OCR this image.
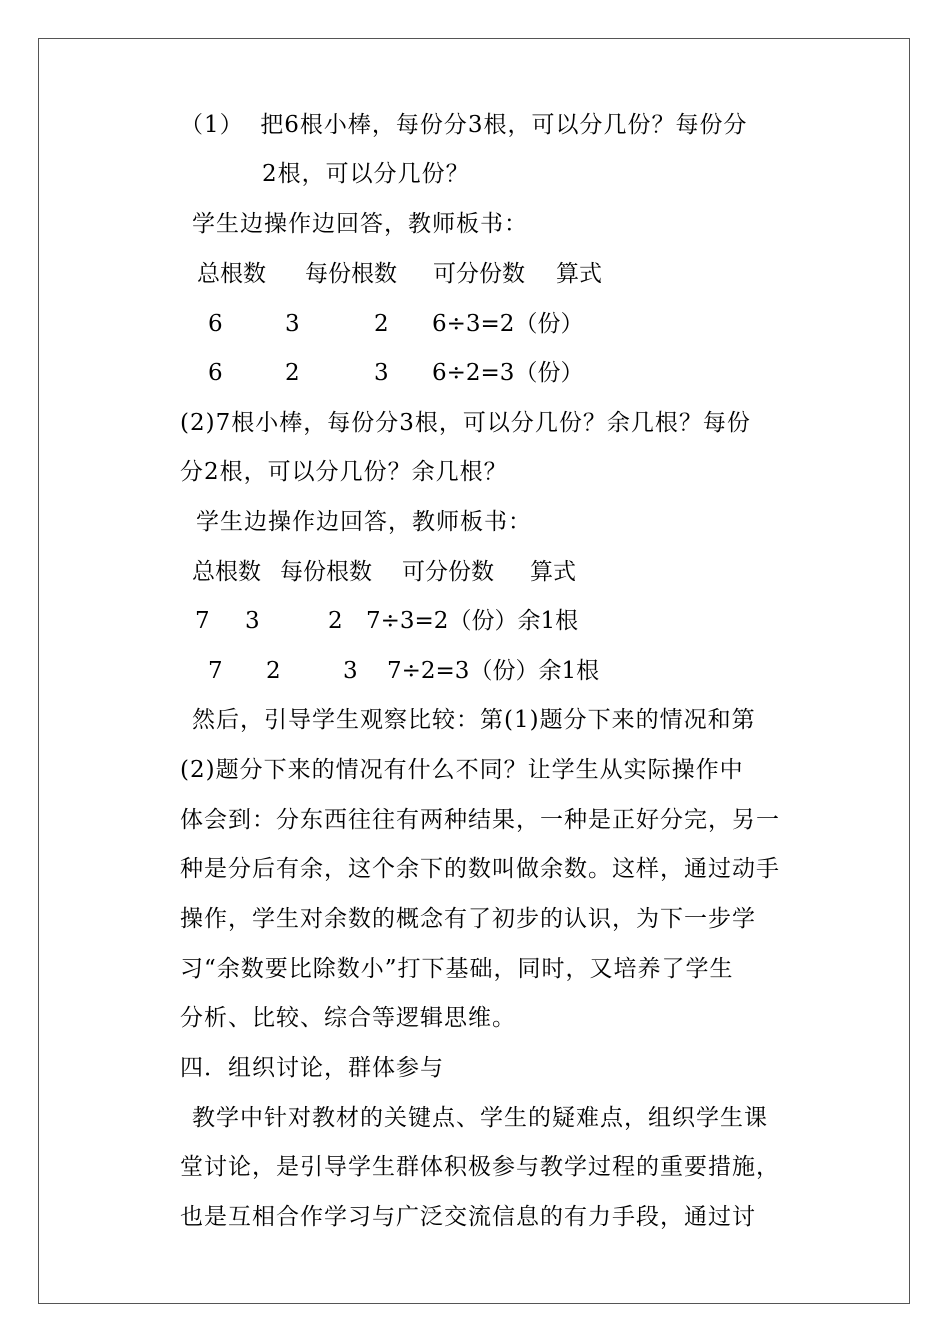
（1）  把6根小棒，每份分3根，可以分几份？每份分
2根，可以分几份？
学生边操作边回答，教师板书：
总根数 每份根数 可分份数 算式
6	3	2 6÷3=2（份）
6	2	3 6÷2=3（份）
(2)7根小棒，每份分3根，可以分几份？余几根？每份
分2根，可以分几份？余几根？
学生边操作边回答，教师板书：
总根数 每份根数 可分份数 算式
7 3	2 7÷3=2（份）余1根
7 2	3 7÷2=3（份）余1根
然后，引导学生观察比较：第(1)题分下来的情况和第
(2)题分下来的情况有什么不同？让学生从实际操作中
体会到：分东西往往有两种结果，一种是正好分完，另一
种是分后有余，这个余下的数叫做余数。这样，通过动手
操作，学生对余数的概念有了初步的认识，为下一步学
习“余数要比除数小”打下基础，同时，又培养了学生
分析、比较、综合等逻辑思维。
四．组织讨论，群体参与
教学中针对教材的关键点、学生的疑难点，组织学生课
堂讨论，是引导学生群体积极参与教学过程的重要措施，
也是互相合作学习与广泛交流信息的有力手段，通过讨
